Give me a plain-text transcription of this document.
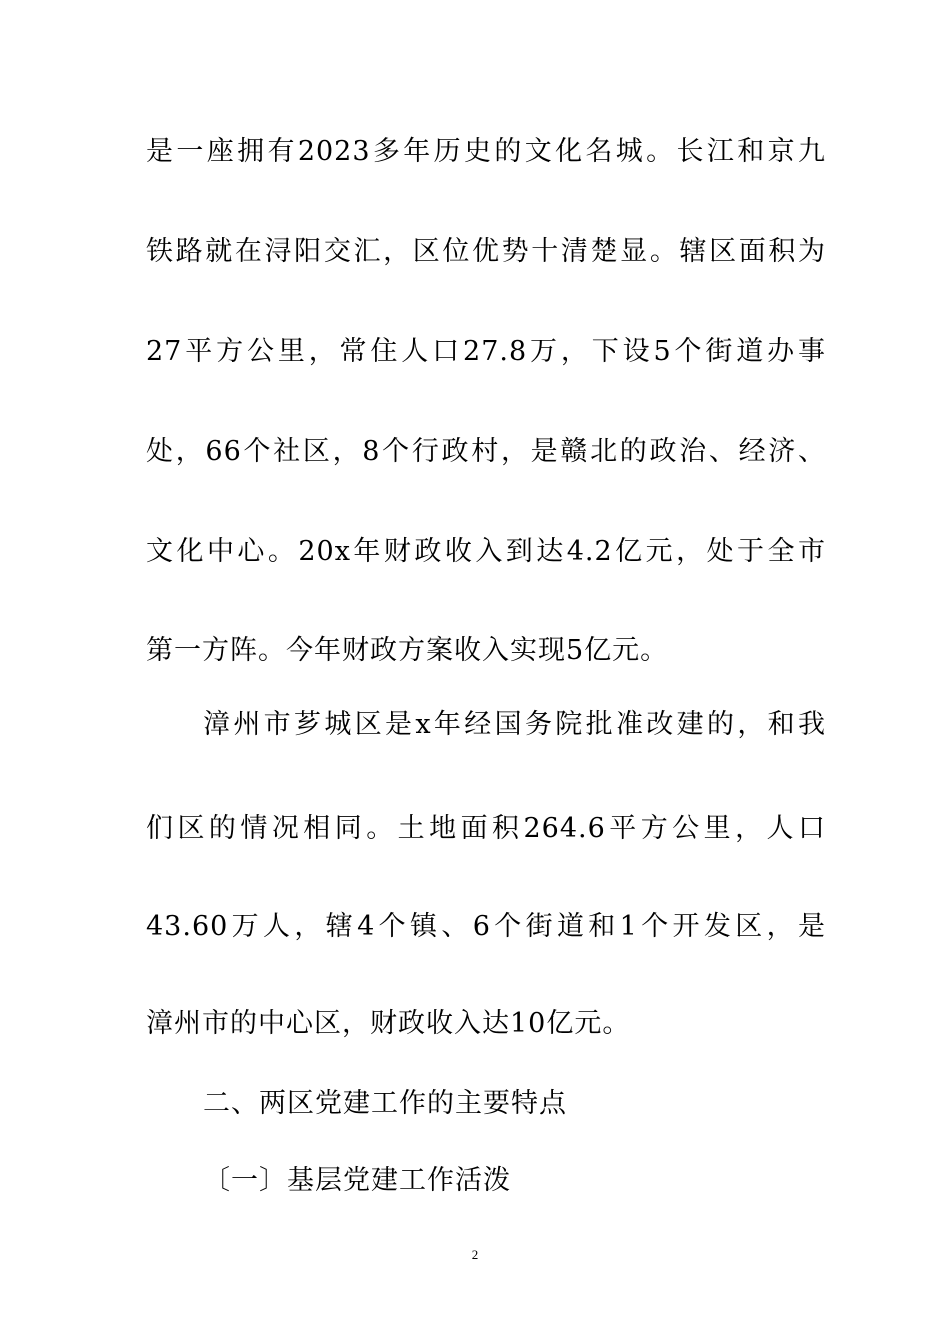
是一座拥有2023多年历史的文化名城。长江和京九
铁路就在浔阳交汇，区位优势十清楚显。辖区面积为
27平方公里，常住人口27.8万，下设5个街道办事
处，66个社区，8个行政村，是赣北的政治、经济、
文化中心。20x年财政收入到达4.2亿元，处于全市
第一方阵。今年财政方案收入实现5亿元。
漳州市芗城区是x年经国务院批准改建的，和我
们区的情况相同。土地面积264.6平方公里，人口
43.60万人，辖4个镇、6个街道和1个开发区，是
漳州市的中心区，财政收入达10亿元。
二、两区党建工作的主要特点
〔一〕基层党建工作活泼
2
